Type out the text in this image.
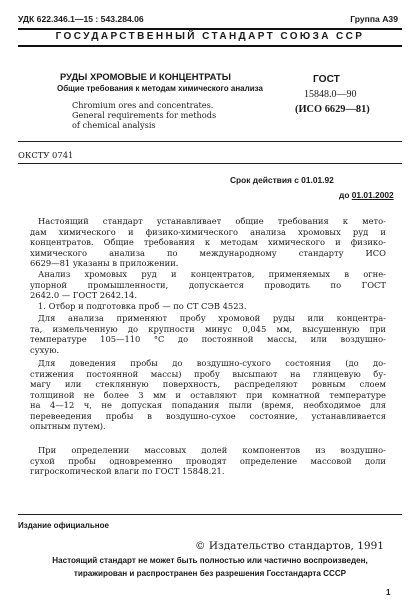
УДК 622.346.1—15 : 543.284.06	Группа А39
ГОСУДАРСТВЕННЫЙ СТАНДАРТ СОЮЗА ССР
РУДЫ ХРОМОВЫЕ И КОНЦЕНТРАТЫ
Общие требования к методам химического анализа
Chromium ores and concentrates.
General requirements for methods
of chemical analysis
ГОСТ
15848.0—90
(ИСО 6629—81)
ОКСТУ 0741
Срок действия с 01.01.92
до 01.01.2002
Настоящий стандарт устанавливает общие требования к мето-
дам химического и физико-химического анализа хромовых руд и
концентратов. Общие требования к методам химического и физико-
химического анализа по международному стандарту ИСО
6629—81 указаны в приложении.
Анализ хромовых руд и концентратов, применяемых в огне-
упорной промышленности, допускается проводить по ГОСТ
2642.0 — ГОСТ 2642.14.
1. Отбор и подготовка проб — по СТ СЭВ 4523.
Для анализа применяют пробу хромовой руды или концентра-
та, измельченную до крупности минус 0,045 мм, высушенную при
температуре 105—110 °С до постоянной массы, или воздушно-
сухую.
Для доведения пробы до воздушно-сухого состояния (до до-
стижения постоянной массы) пробу высыпают на глянцевую бу-
магу или стеклянную поверхность, распределяют ровным слоем
толщиной не более 3 мм и оставляют при комнатной температуре
на 4—12 ч, не допуская попадания пыли (время, необходимое для
перевеедения пробы в воздушно-сухое состояние, устанавливается
опытным путем).
При определении массовых долей компонентов из воздушно-
сухой пробы одновременно проводят определение массовой доли
гигроскопической влаги по ГОСТ 15848.21.
Издание официальное
© Издательство стандартов, 1991
Настоящий стандарт не может быть полностью или частично воспроизведен,
тиражирован и распространен без разрешения Госстандарта СССР
1
